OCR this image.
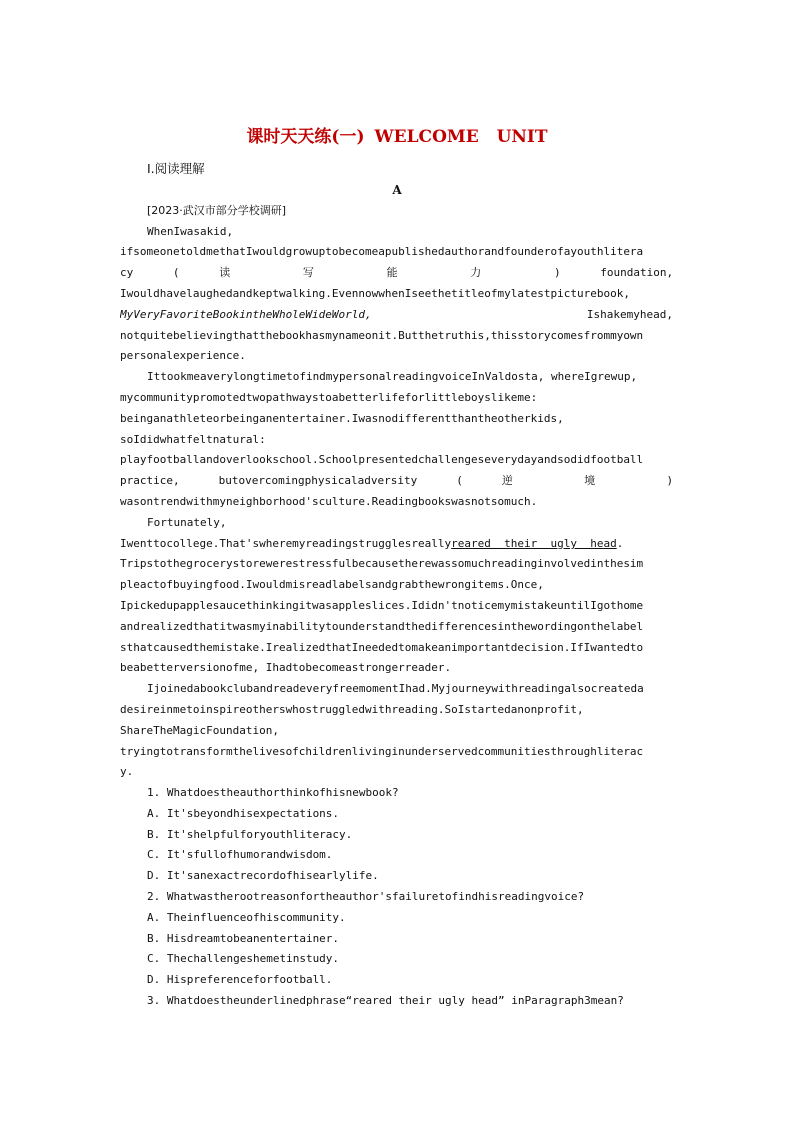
课时天天练(一) WELCOME UNIT
Ⅰ.阅读理解
A
[2023·武汉市部分学校调研]
WhenIwasakid,
ifsomeonetoldmethatIwouldgrowuptobecomeapublishedauthorandfounderofayouthlitera
cy	(	读	写	能	力	)	foundation,
Iwouldhavelaughedandkeptwalking.EvennowwhenIseethetitleofmylatestpicturebook,
MyVeryFavoriteBookintheWholeWideWorld,	Ishakemyhead,
notquitebelievingthatthebookhasmynameonit.Butthetruthis,thisstorycomesfrommyown
personalexperience.
IttookmeaverylongtimetofindmypersonalreadingvoiceInValdosta, whereIgrewup,
mycommunitypromotedtwopathwaystoabetterlifeforlittleboyslikeme:
beinganathleteorbeinganentertainer.Iwasnodifferentthantheotherkids,
soIdidwhatfeltnatural:
playfootballandoverlookschool.Schoolpresentedchallengeseverydayandsodidfootball
practice,	butovercomingphysicaladversity	(	逆	境	)
wasontrendwithmyneighborhood'sculture.Readingbookswasnotsomuch.
Fortunately,
Iwenttocollege.That'swheremyreadingstrugglesreallyreared  their  ugly  head.
Tripstothegrocerystorewerestressfulbecausetherewassomuchreadinginvolvedinthesim
pleactofbuyingfood.Iwouldmisreadlabelsandgrabthewrongitems.Once,
Ipickedupapplesaucethinkingitwasappleslices.Ididn'tnoticemymistakeuntilIgothome
andrealizedthatitwasmyinabilitytounderstandthedifferencesinthewordingonthelabel
sthatcausedthemistake.IrealizedthatIneededtomakeanimportantdecision.IfIwantedto
beabetterversionofme, Ihadtobecomeastrongerreader.
IjoinedabookclubandreadeveryfreemomentIhad.Myjourneywithreadingalsocreateda
desireinmetoinspireotherswhostruggledwithreading.SoIstartedanonprofit,
ShareTheMagicFoundation,
tryingtotransformthelivesofchildrenlivinginunderservedcommunitiesthroughliterac
y.
1. Whatdoestheauthorthinkofhisnewbook?
A. It'sbeyondhisexpectations.
B. It'shelpfulforyouthliteracy.
C. It'sfullofhumorandwisdom.
D. It'sanexactrecordofhisearlylife.
2. Whatwastherootreasonfortheauthor'sfailuretofindhisreadingvoice?
A. Theinfluenceofhiscommunity.
B. Hisdreamtobeanentertainer.
C. Thechallengeshemetinstudy.
D. Hispreferenceforfootball.
3. Whatdoestheunderlinedphrase“reared their ugly head” inParagraph3mean?
